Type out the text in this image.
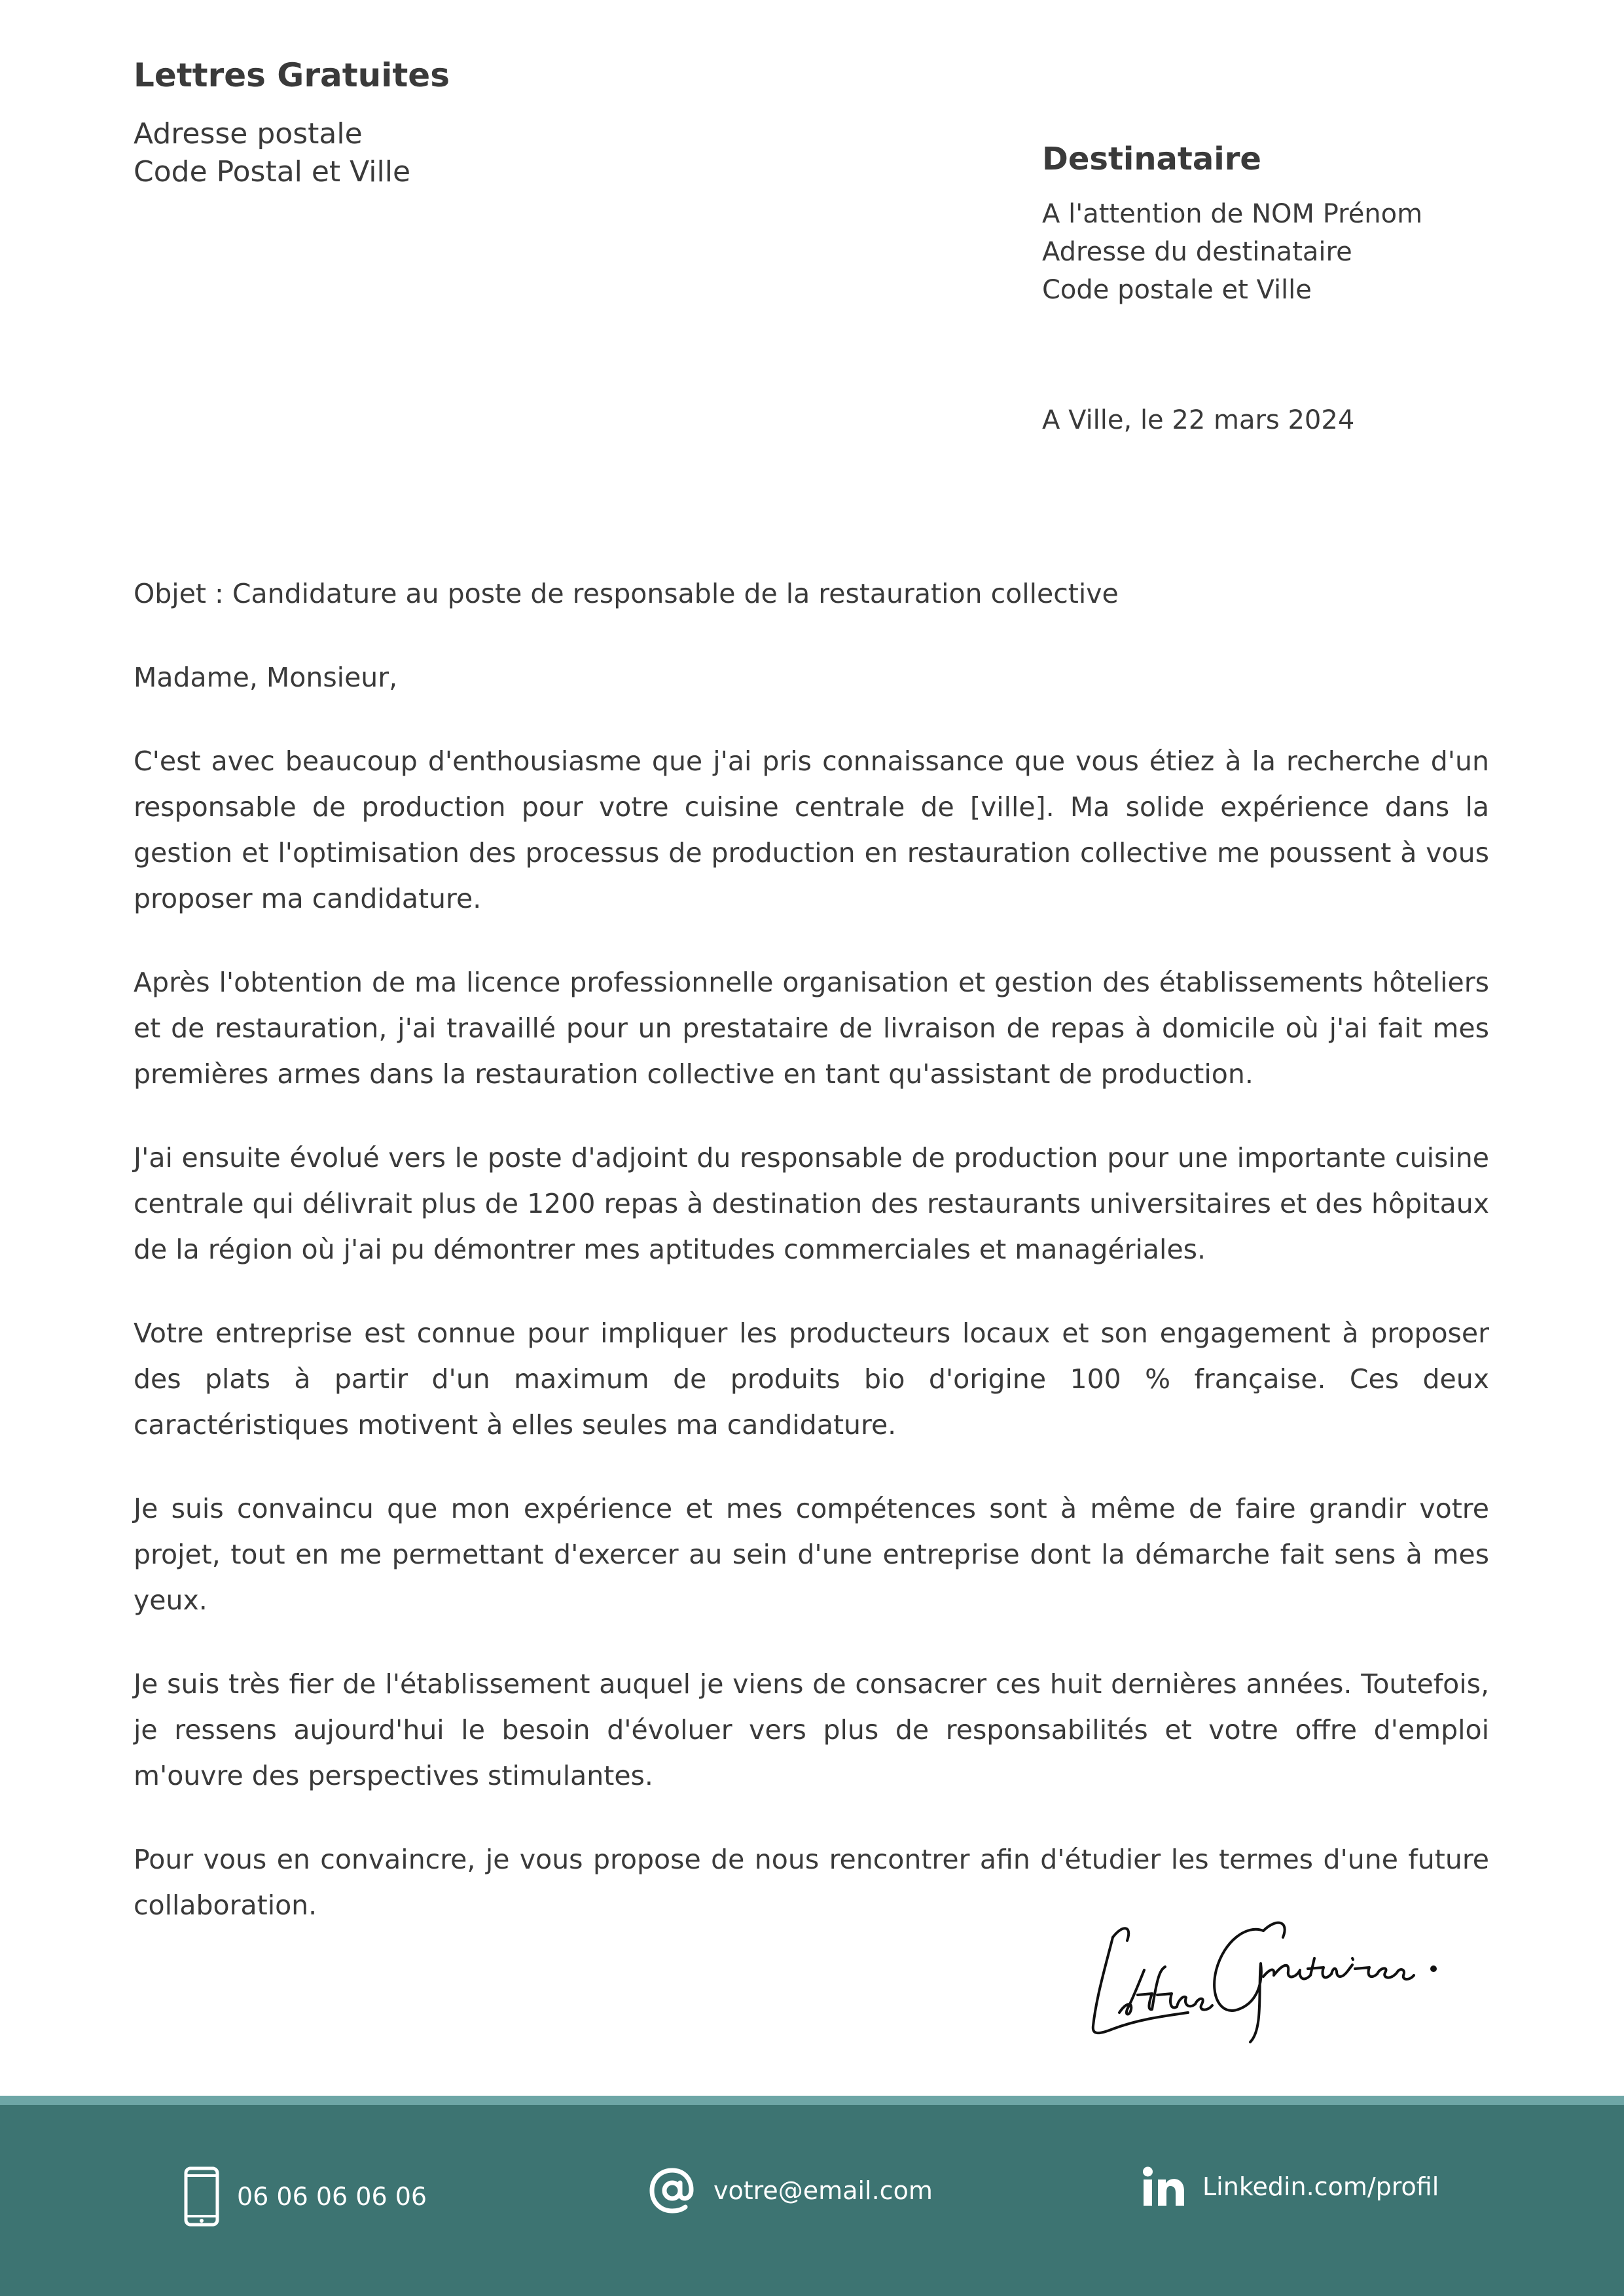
Lettres Gratuites
Adresse postale
Code Postal et Ville	Destinataire
A l'attention de NOM Prénom
Adresse du destinataire
Code postale et Ville
A Ville, le 22 mars 2024

Objet : Candidature au poste de responsable de la restauration collective

Madame, Monsieur,

C'est avec beaucoup d'enthousiasme que j'ai pris connaissance que vous étiez à la recherche d'un responsable de production pour votre cuisine centrale de [ville]. Ma solide expérience dans la gestion et l'optimisation des processus de production en restauration collective me poussent à vous proposer ma candidature.

Après l'obtention de ma licence professionnelle organisation et gestion des établissements hôteliers et de restauration, j'ai travaillé pour un prestataire de livraison de repas à domicile où j'ai fait mes premières armes dans la restauration collective en tant qu'assistant de production.

J'ai ensuite évolué vers le poste d'adjoint du responsable de production pour une importante cuisine centrale qui délivrait plus de 1200 repas à destination des restaurants universitaires et des hôpitaux de la région où j'ai pu démontrer mes aptitudes commerciales et managériales.

Votre entreprise est connue pour impliquer les producteurs locaux et son engagement à proposer des plats à partir d'un maximum de produits bio d'origine 100 % française. Ces deux caractéristiques motivent à elles seules ma candidature.

Je suis convaincu que mon expérience et mes compétences sont à même de faire grandir votre projet, tout en me permettant d'exercer au sein d'une entreprise dont la démarche fait sens à mes yeux.

Je suis très fier de l'établissement auquel je viens de consacrer ces huit dernières années. Toutefois, je ressens aujourd'hui le besoin d'évoluer vers plus de responsabilités et votre offre d'emploi m'ouvre des perspectives stimulantes.

Pour vous en convaincre, je vous propose de nous rencontrer afin d'étudier les termes d'une future collaboration.

06 06 06 06 06	votre@email.com	Linkedin.com/profil
